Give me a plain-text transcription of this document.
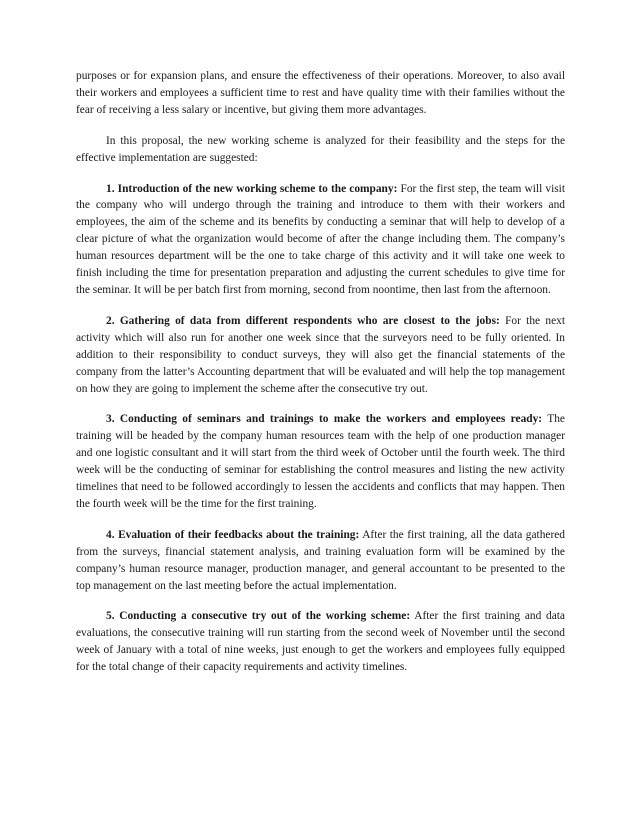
purposes or for expansion plans, and ensure the effectiveness of their operations. Moreover, to also avail their workers and employees a sufficient time to rest and have quality time with their families without the fear of receiving a less salary or incentive, but giving them more advantages.

In this proposal, the new working scheme is analyzed for their feasibility and the steps for the effective implementation are suggested:

1. Introduction of the new working scheme to the company: For the first step, the team will visit the company who will undergo through the training and introduce to them with their workers and employees, the aim of the scheme and its benefits by conducting a seminar that will help to develop of a clear picture of what the organization would become of after the change including them. The company’s human resources department will be the one to take charge of this activity and it will take one week to finish including the time for presentation preparation and adjusting the current schedules to give time for the seminar. It will be per batch first from morning, second from noontime, then last from the afternoon.

2. Gathering of data from different respondents who are closest to the jobs: For the next activity which will also run for another one week since that the surveyors need to be fully oriented. In addition to their responsibility to conduct surveys, they will also get the financial statements of the company from the latter’s Accounting department that will be evaluated and will help the top management on how they are going to implement the scheme after the consecutive try out.

3. Conducting of seminars and trainings to make the workers and employees ready: The training will be headed by the company human resources team with the help of one production manager and one logistic consultant and it will start from the third week of October until the fourth week. The third week will be the conducting of seminar for establishing the control measures and listing the new activity timelines that need to be followed accordingly to lessen the accidents and conflicts that may happen. Then the fourth week will be the time for the first training.

4. Evaluation of their feedbacks about the training: After the first training, all the data gathered from the surveys, financial statement analysis, and training evaluation form will be examined by the company’s human resource manager, production manager, and general accountant to be presented to the top management on the last meeting before the actual implementation.

5. Conducting a consecutive try out of the working scheme: After the first training and data evaluations, the consecutive training will run starting from the second week of November until the second week of January with a total of nine weeks, just enough to get the workers and employees fully equipped for the total change of their capacity requirements and activity timelines.
